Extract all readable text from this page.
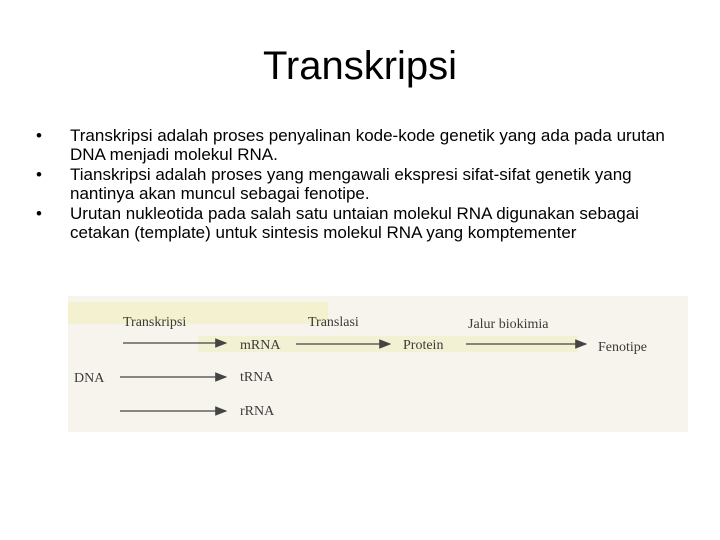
Transkripsi
• Transkripsi adalah proses penyalinan kode-kode genetik yang ada pada urutan DNA menjadi molekul RNA.
• Tianskripsi adalah proses yang mengawali ekspresi sifat-sifat genetik yang nantinya akan muncul sebagai fenotipe.
• Urutan nukleotida pada salah satu untaian molekul RNA digunakan sebagai cetakan (template) untuk sintesis molekul RNA yang komptementer
Transkripsi	Translasi	Jalur biokimia
DNA
mRNA
tRNA
rRNA
Protein	Fenotipe
